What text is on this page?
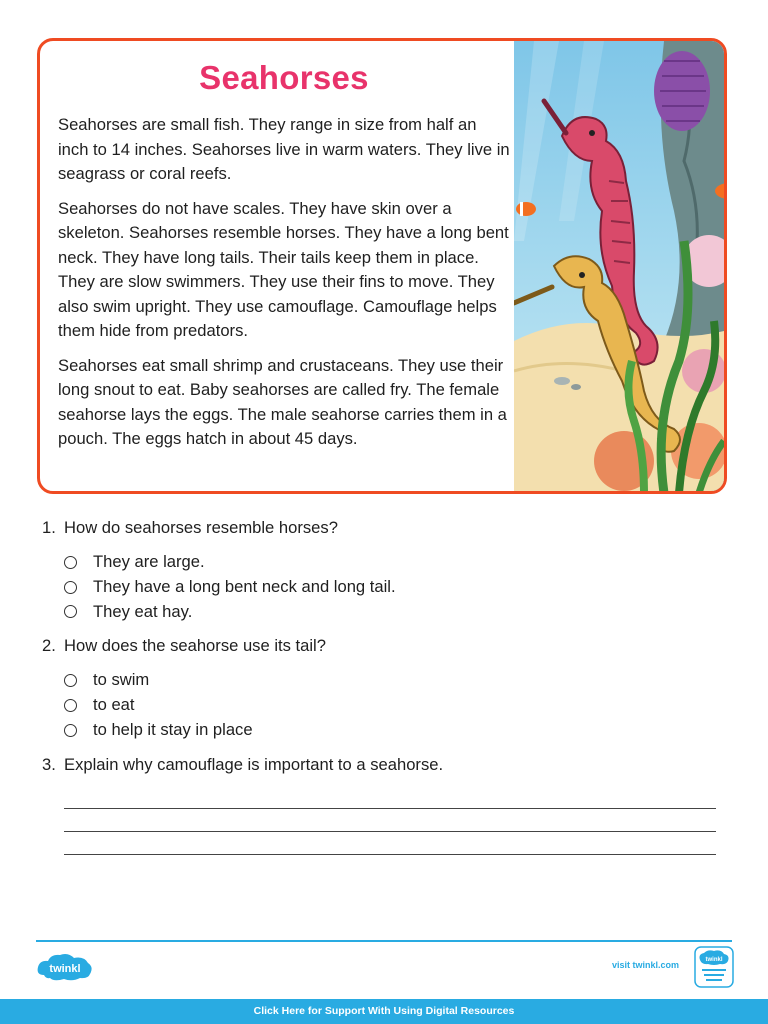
Seahorses

Seahorses are small fish. They range in size from half an inch to 14 inches. Seahorses live in warm waters. They live in seagrass or coral reefs.

Seahorses do not have scales. They have skin over a skeleton. Seahorses resemble horses. They have a long bent neck. They have long tails. Their tails keep them in place. They are slow swimmers. They use their fins to move. They also swim upright. They use camouflage. Camouflage helps them hide from predators.

Seahorses eat small shrimp and crustaceans. They use their long snout to eat. Baby seahorses are called fry. The female seahorse lays the eggs. The male seahorse carries them in a pouch. The eggs hatch in about 45 days.

1. How do seahorses resemble horses?
They are large.
They have a long bent neck and long tail.
They eat hay.
2. How does the seahorse use its tail?
to swim
to eat
to help it stay in place
3. Explain why camouflage is important to a seahorse.
twinkl	visit twinkl.com	twinkl
Click Here for Support With Using Digital Resources
